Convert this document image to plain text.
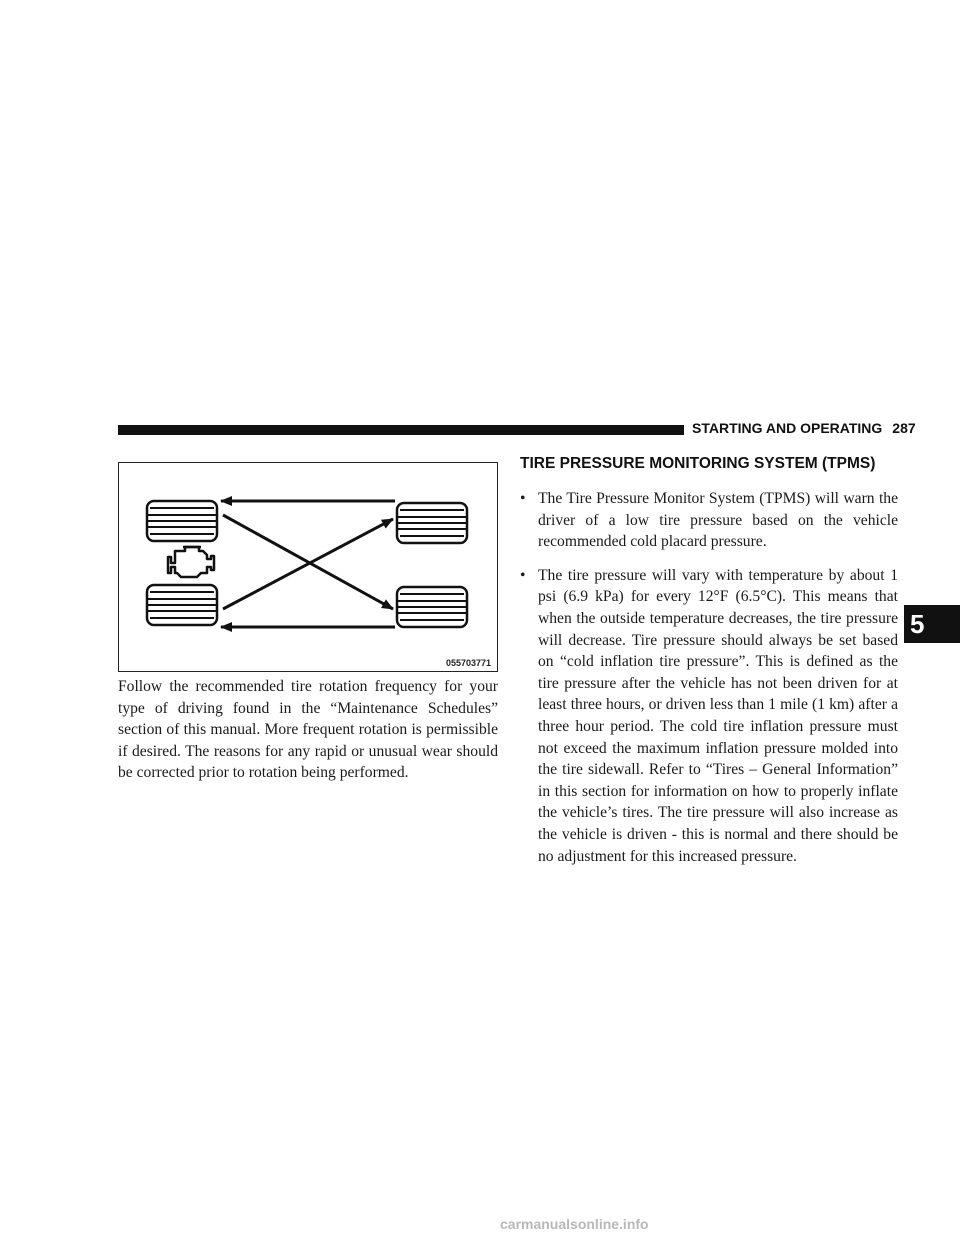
STARTING AND OPERATING 287
055703771
Follow the recommended tire rotation frequency for your type of driving found in the “Maintenance Schedules” section of this manual. More frequent rotation is permissible if desired. The reasons for any rapid or unusual wear should be corrected prior to rotation being performed.
TIRE PRESSURE MONITORING SYSTEM (TPMS)
• The Tire Pressure Monitor System (TPMS) will warn the driver of a low tire pressure based on the vehicle recommended cold placard pressure.
• The tire pressure will vary with temperature by about 1 psi (6.9 kPa) for every 12°F (6.5°C). This means that when the outside temperature decreases, the tire pressure will decrease. Tire pressure should always be set based on “cold inflation tire pressure”. This is defined as the tire pressure after the vehicle has not been driven for at least three hours, or driven less than 1 mile (1 km) after a three hour period. The cold tire inflation pressure must not exceed the maximum inflation pressure molded into the tire sidewall. Refer to “Tires – General Information” in this section for information on how to properly inflate the vehicle’s tires. The tire pressure will also increase as the vehicle is driven - this is normal and there should be no adjustment for this increased pressure.
5
carmanualsonline.info
